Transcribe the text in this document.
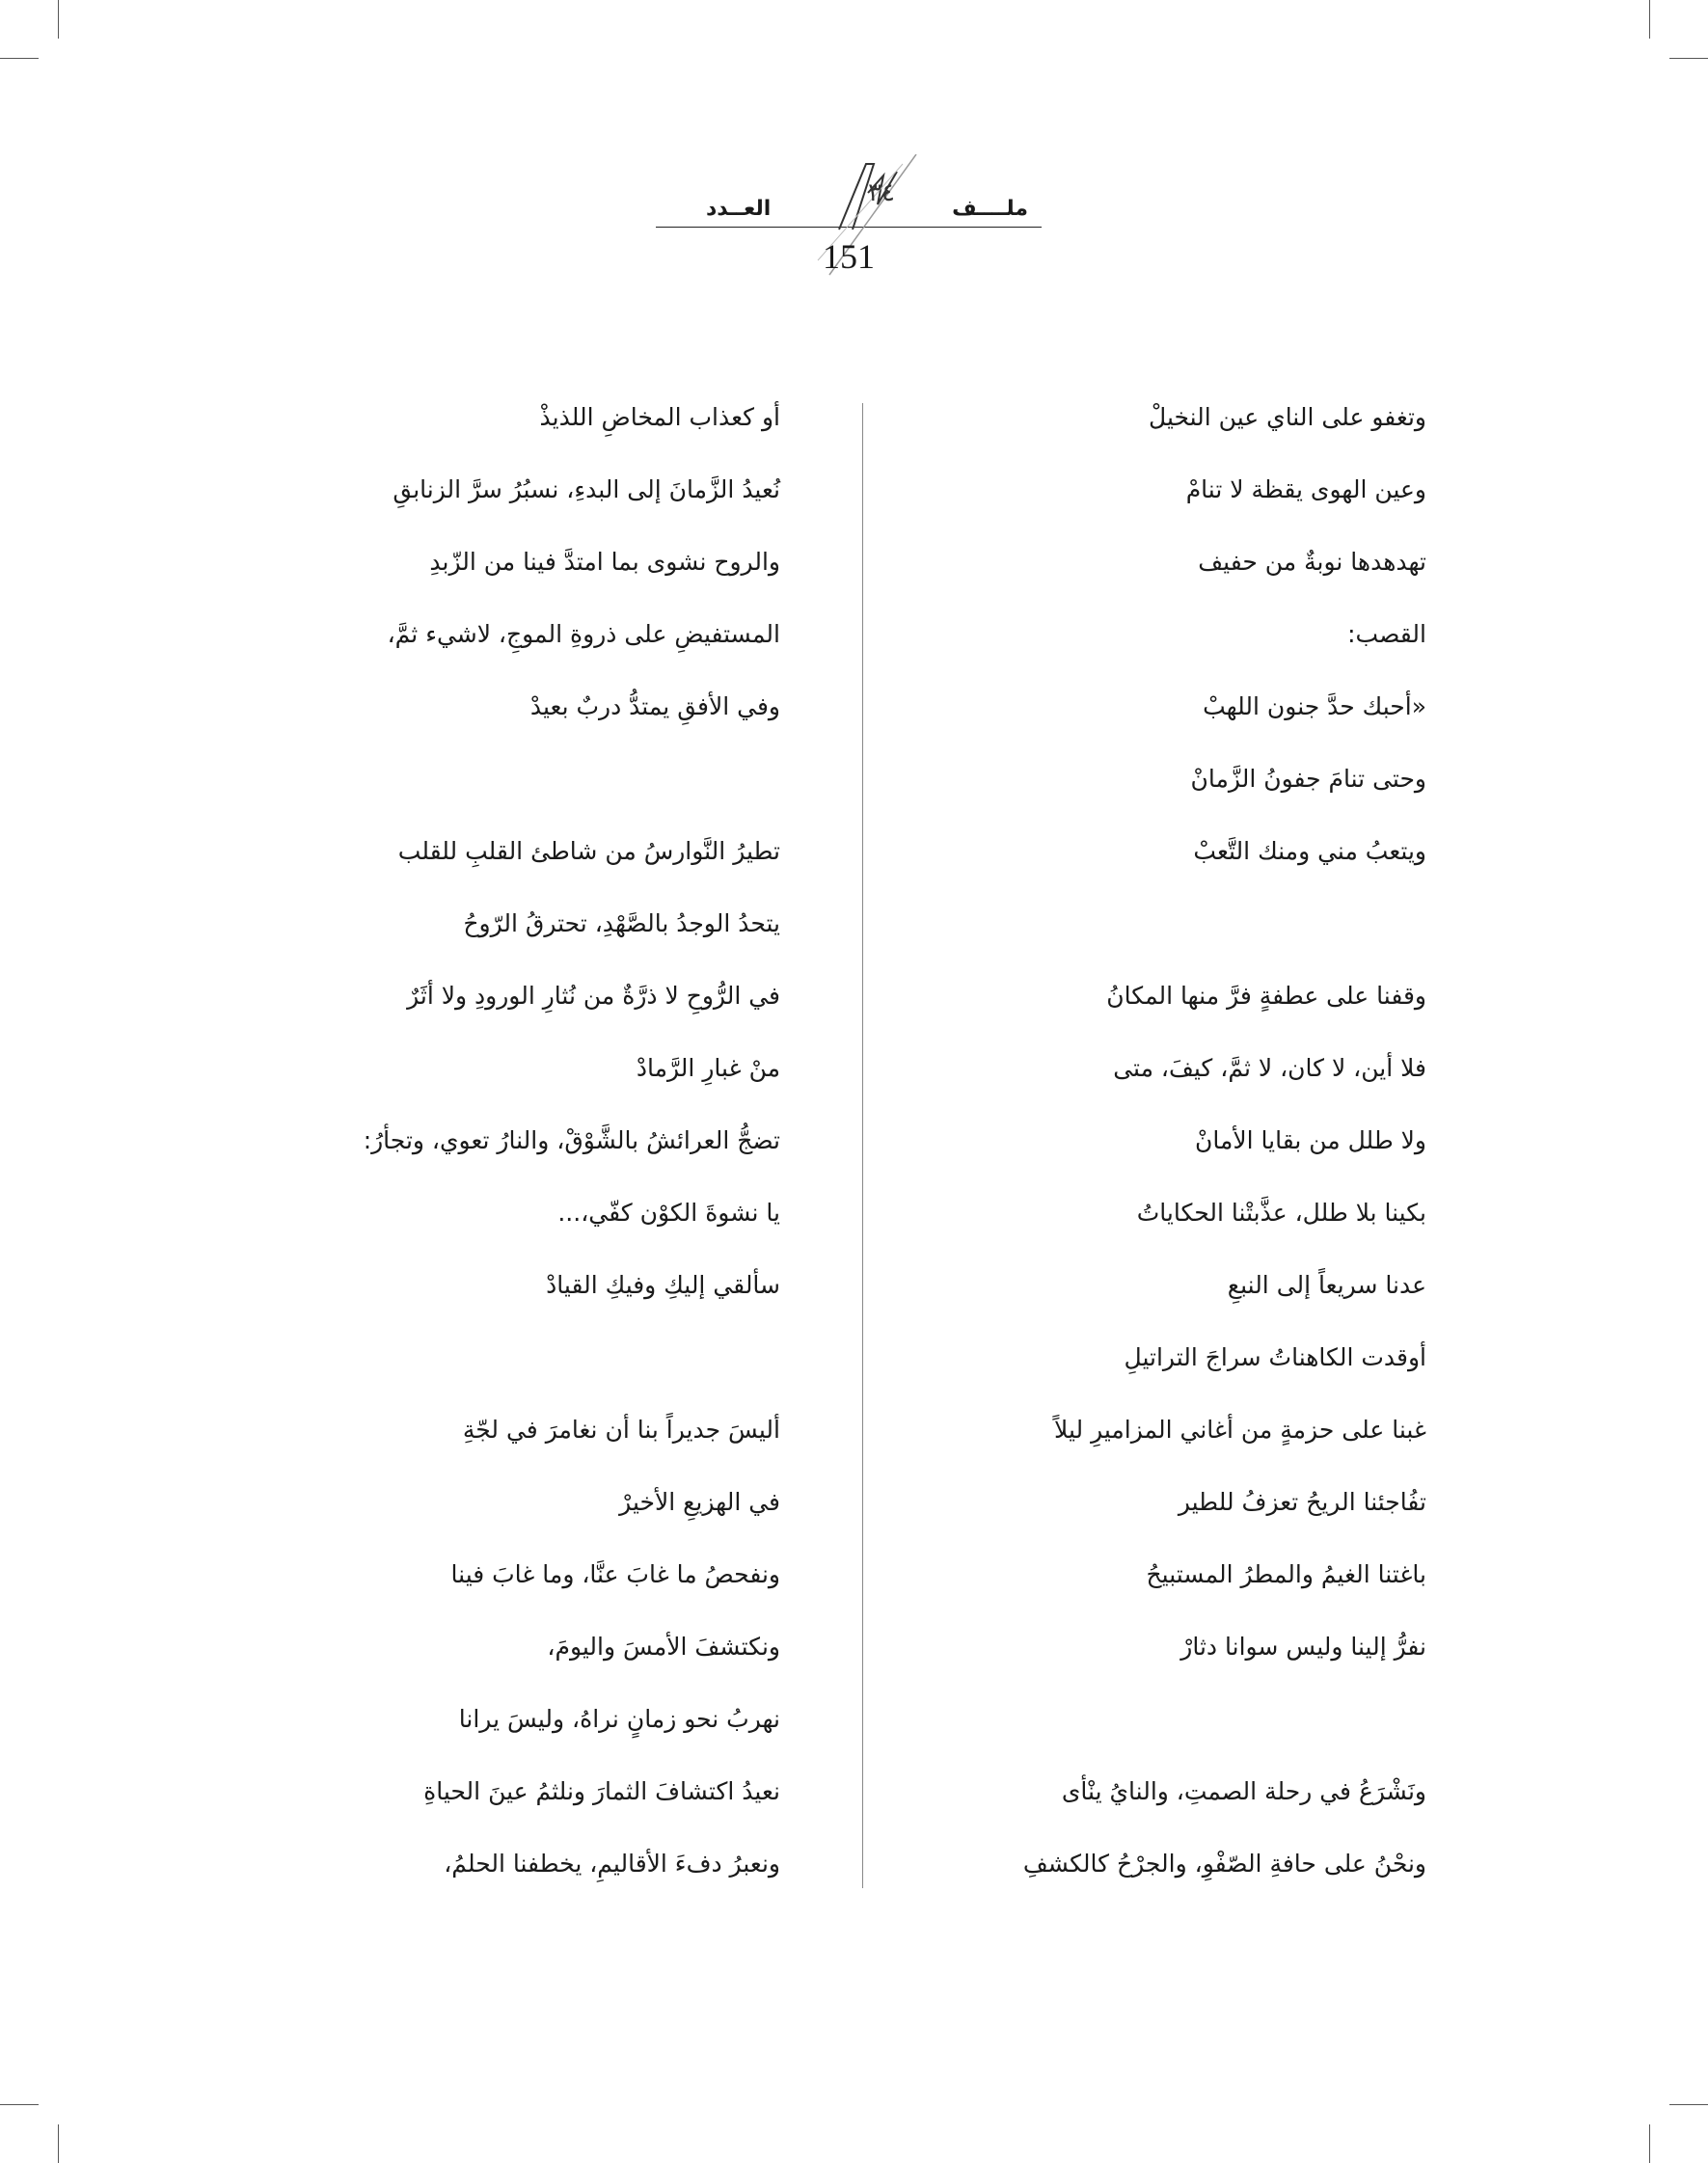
ملــــف
العــدد
٣٤
151
وتغفو على الناي عين النخيلْ
وعين الهوى يقظة لا تنامْ
تهدهدها نوبةٌ من حفيف
القصب:
«أحبك حدَّ جنون اللهبْ
وحتى تنامَ جفونُ الزَّمانْ
ويتعبُ مني ومنك التَّعبْ
وقفنا على عطفةٍ فرَّ منها المكانُ
فلا أين، لا كان، لا ثمَّ، كيفَ، متى
ولا طلل من بقايا الأمانْ
بكينا بلا طلل، عذَّبتْنا الحكاياتُ
عدنا سريعاً إلى النبعِ
أوقدت الكاهناتُ سراجَ التراتيلِ
غبنا على حزمةٍ من أغاني المزاميرِ ليلاً
تفُاجئنا الريحُ تعزفُ للطير
باغتنا الغيمُ والمطرُ المستبيحُ
نفرُّ إلينا وليس سوانا دثارْ
ونَشْرَعُ في رحلة الصمتِ، والنايُ ينْأى
ونحْنُ على حافةِ الصّفْوِ، والجرْحُ كالكشفِ
أو كعذاب المخاضِ اللذيذْ
نُعيدُ الزَّمانَ إلى البدءِ، نسبُرُ سرَّ الزنابقِ
والروح نشوى بما امتدَّ فينا من الزّبدِ
المستفيضِ على ذروةِ الموجِ، لاشيء ثمَّ،
وفي الأفقِ يمتدُّ دربٌ بعيدْ
تطيرُ النَّوارسُ من شاطئ القلبِ للقلب
يتحدُ الوجدُ بالصَّهْدِ، تحترقُ الرّوحُ
في الرُّوحِ لا ذرَّةٌ من نُثارِ الورودِ ولا أثَرٌ
منْ غبارِ الرَّمادْ
تضجُّ العرائشُ بالشَّوْقْ، والنارُ تعوي، وتجأرُ:
يا نشوةَ الكوْن كفّي،...
سألقي إليكِ وفيكِ القيادْ
أليسَ جديراً بنا أن نغامرَ في لجّةِ
في الهزيعِ الأخيرْ
ونفحصُ ما غابَ عنَّا، وما غابَ فينا
ونكتشفَ الأمسَ واليومَ،
نهربُ نحو زمانٍ نراهُ، وليسَ يرانا
نعيدُ اكتشافَ الثمارَ ونلثمُ عينَ الحياةِ
ونعبرُ دفءَ الأقاليمِ، يخطفنا الحلمُ،
